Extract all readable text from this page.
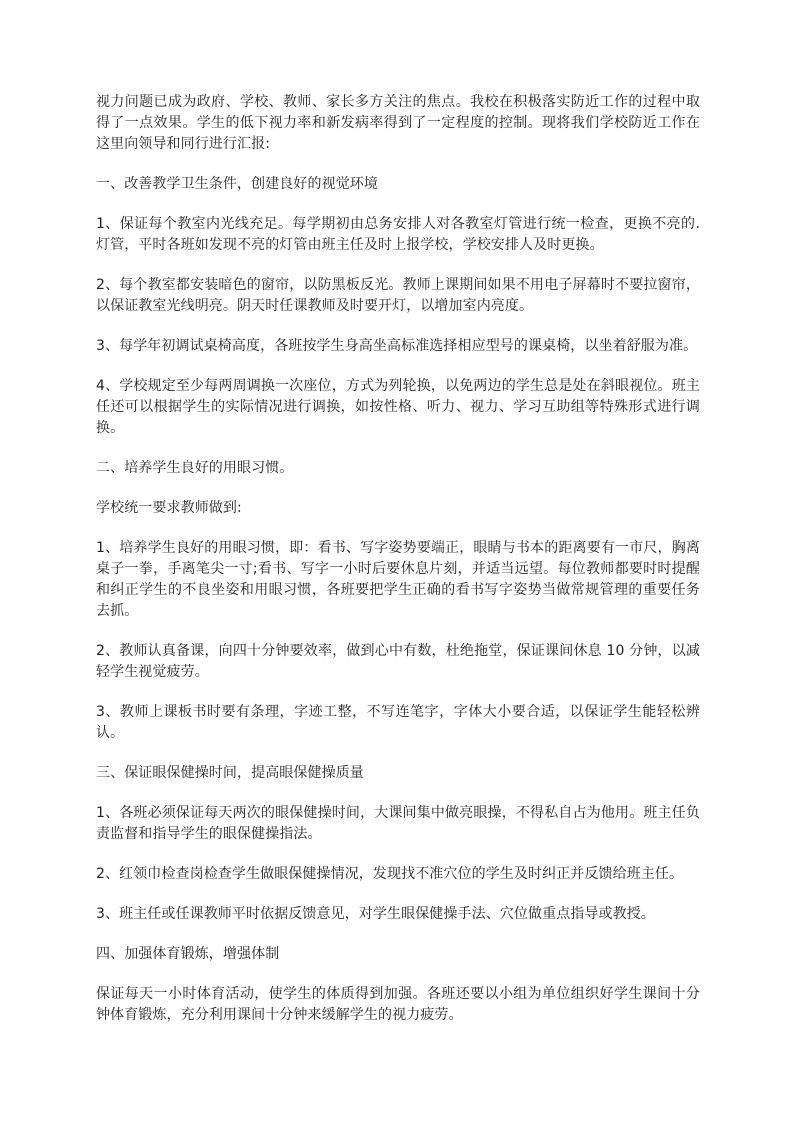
视力问题已成为政府、学校、教师、家长多方关注的焦点。我校在积极落实防近工作的过程中取得了一点效果。学生的低下视力率和新发病率得到了一定程度的控制。现将我们学校防近工作在这里向领导和同行进行汇报:

一、改善教学卫生条件，创建良好的视觉环境

1、保证每个教室内光线充足。每学期初由总务安排人对各教室灯管进行统一检查，更换不亮的.灯管，平时各班如发现不亮的灯管由班主任及时上报学校，学校安排人及时更换。

2、每个教室都安装暗色的窗帘，以防黑板反光。教师上课期间如果不用电子屏幕时不要拉窗帘，以保证教室光线明亮。阴天时任课教师及时要开灯，以增加室内亮度。

3、每学年初调试桌椅高度，各班按学生身高坐高标准选择相应型号的课桌椅，以坐着舒服为准。

4、学校规定至少每两周调换一次座位，方式为列轮换，以免两边的学生总是处在斜眼视位。班主任还可以根据学生的实际情况进行调换，如按性格、听力、视力、学习互助组等特殊形式进行调换。

二、培养学生良好的用眼习惯。

学校统一要求教师做到:

1、培养学生良好的用眼习惯，即：看书、写字姿势要端正，眼睛与书本的距离要有一市尺，胸离桌子一拳，手离笔尖一寸;看书、写字一小时后要休息片刻，并适当远望。每位教师都要时时提醒和纠正学生的不良坐姿和用眼习惯，各班要把学生正确的看书写字姿势当做常规管理的重要任务去抓。

2、教师认真备课，向四十分钟要效率，做到心中有数，杜绝拖堂，保证课间休息 10 分钟，以减轻学生视觉疲劳。

3、教师上课板书时要有条理，字迹工整，不写连笔字，字体大小要合适，以保证学生能轻松辨认。

三、保证眼保健操时间，提高眼保健操质量

1、各班必须保证每天两次的眼保健操时间，大课间集中做亮眼操，不得私自占为他用。班主任负责监督和指导学生的眼保健操指法。

2、红领巾检查岗检查学生做眼保健操情况，发现找不准穴位的学生及时纠正并反馈给班主任。

3、班主任或任课教师平时依据反馈意见，对学生眼保健操手法、穴位做重点指导或教授。

四、加强体育锻炼，增强体制

保证每天一小时体育活动，使学生的体质得到加强。各班还要以小组为单位组织好学生课间十分钟体育锻炼，充分利用课间十分钟来缓解学生的视力疲劳。
